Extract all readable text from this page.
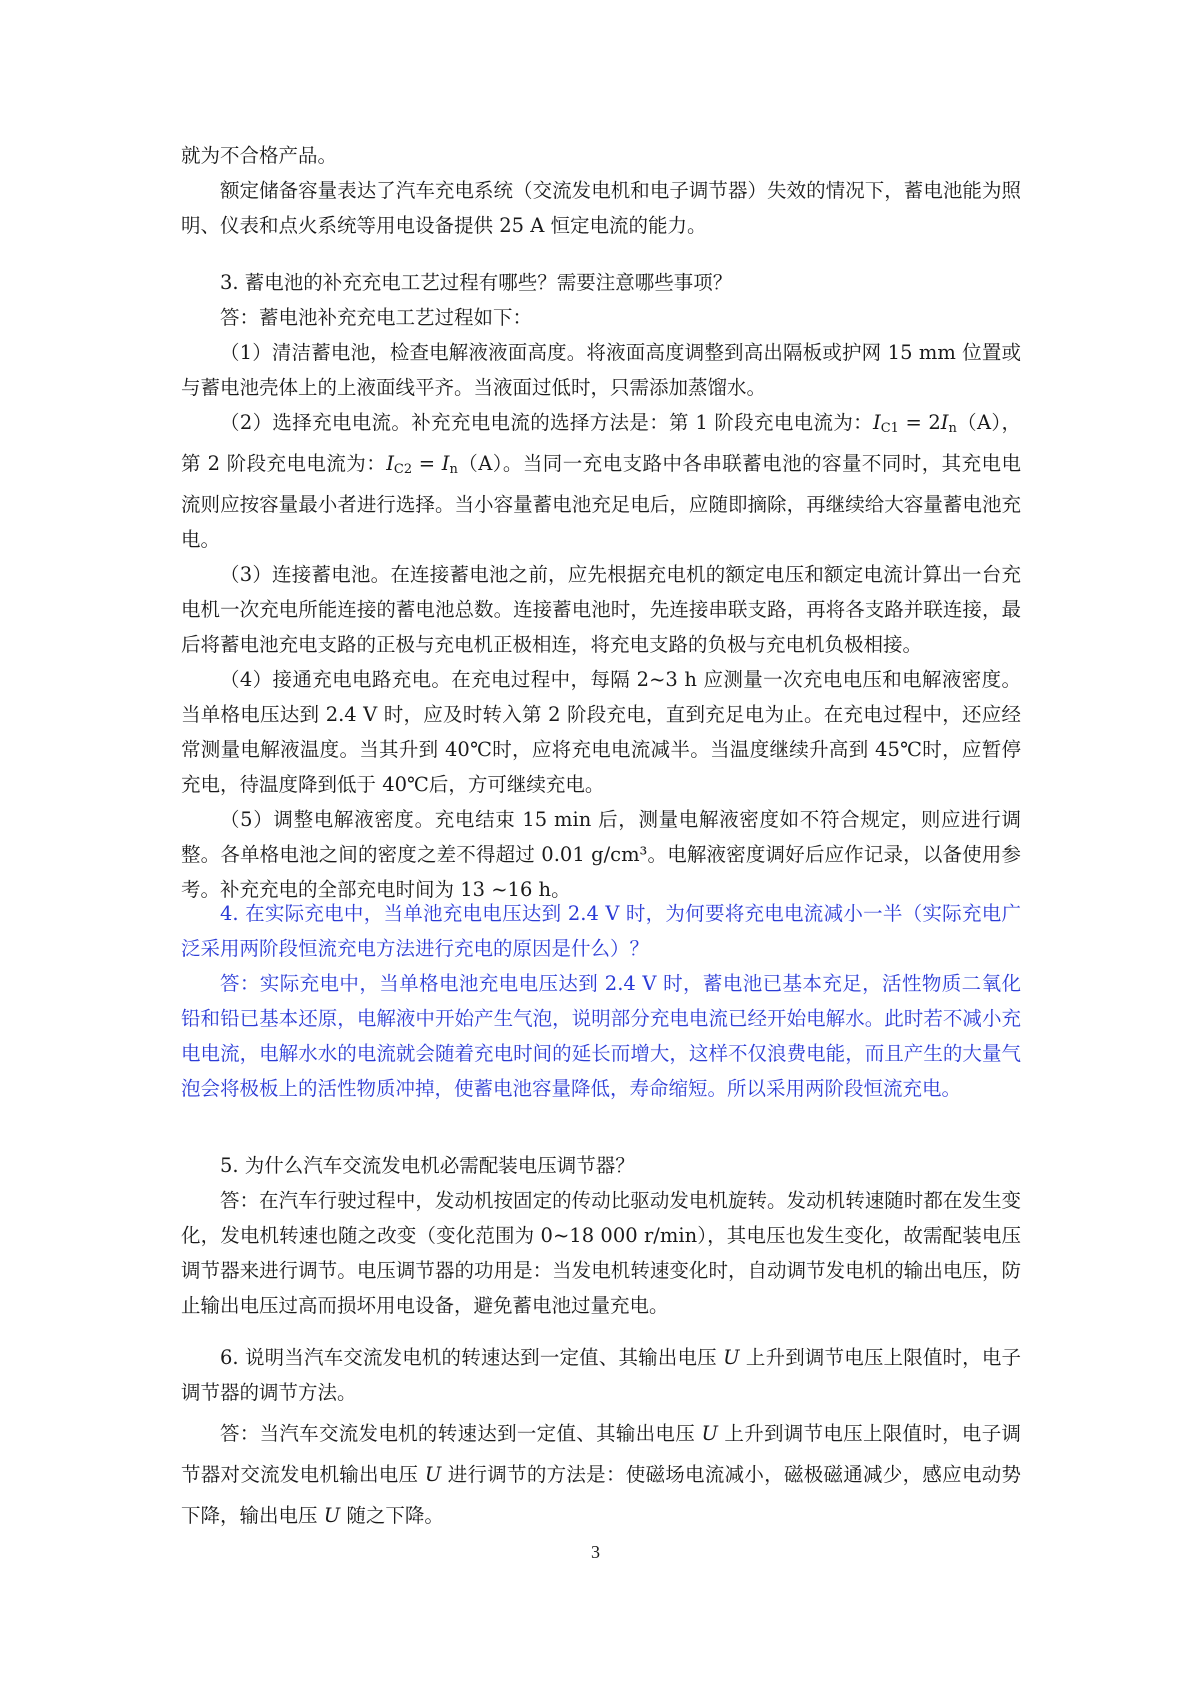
就为不合格产品。

额定储备容量表达了汽车充电系统（交流发电机和电子调节器）失效的情况下，蓄电池能为照明、仪表和点火系统等用电设备提供 25 A 恒定电流的能力。

3. 蓄电池的补充充电工艺过程有哪些？需要注意哪些事项？

答：蓄电池补充充电工艺过程如下：

（1）清洁蓄电池，检查电解液液面高度。将液面高度调整到高出隔板或护网 15 mm 位置或与蓄电池壳体上的上液面线平齐。当液面过低时，只需添加蒸馏水。

（2）选择充电电流。补充充电电流的选择方法是：第 1 阶段充电电流为：$I_{C1} = 2I_n(A)$，第 2 阶段充电电流为：$I_{C2} = I_n(A)$。当同一充电支路中各串联蓄电池的容量不同时，其充电电流则应按容量最小者进行选择。当小容量蓄电池充足电后，应随即摘除，再继续给大容量蓄电池充电。

（3）连接蓄电池。在连接蓄电池之前，应先根据充电机的额定电压和额定电流计算出一台充电机一次充电所能连接的蓄电池总数。连接蓄电池时，先连接串联支路，再将各支路并联连接，最后将蓄电池充电支路的正极与充电机正极相连，将充电支路的负极与充电机负极相接。

（4）接通充电电路充电。在充电过程中，每隔 2~3 h 应测量一次充电电压和电解液密度。当单格电压达到 2.4 V 时，应及时转入第 2 阶段充电，直到充足电为止。在充电过程中，还应经常测量电解液温度。当其升到 40℃时，应将充电电流减半。当温度继续升高到 45℃时，应暂停充电，待温度降到低于 40℃后，方可继续充电。

（5）调整电解液密度。充电结束 15 min 后，测量电解液密度如不符合规定，则应进行调整。各单格电池之间的密度之差不得超过 0.01 g/cm³。电解液密度调好后应作记录，以备使用参考。补充充电的全部充电时间为 13 ~16 h。

4. 在实际充电中，当单池充电电压达到 2.4 V 时，为何要将充电电流减小一半（实际充电广泛采用两阶段恒流充电方法进行充电的原因是什么）？

答：实际充电中，当单格电池充电电压达到 2.4 V 时，蓄电池已基本充足，活性物质二氧化铅和铅已基本还原，电解液中开始产生气泡，说明部分充电电流已经开始电解水。此时若不减小充电电流，电解水水的电流就会随着充电时间的延长而增大，这样不仅浪费电能，而且产生的大量气泡会将极板上的活性物质冲掉，使蓄电池容量降低，寿命缩短。所以采用两阶段恒流充电。

5. 为什么汽车交流发电机必需配装电压调节器？

答：在汽车行驶过程中，发动机按固定的传动比驱动发电机旋转。发动机转速随时都在发生变化，发电机转速也随之改变（变化范围为 0~18 000 r/min），其电压也发生变化，故需配装电压调节器来进行调节。电压调节器的功用是：当发电机转速变化时，自动调节发电机的输出电压，防止输出电压过高而损坏用电设备，避免蓄电池过量充电。

6. 说明当汽车交流发电机的转速达到一定值、其输出电压 U 上升到调节电压上限值时，电子调节器的调节方法。

答：当汽车交流发电机的转速达到一定值、其输出电压 U 上升到调节电压上限值时，电子调节器对交流发电机输出电压 U 进行调节的方法是：使磁场电流减小，磁极磁通减少，感应电动势下降，输出电压 U 随之下降。

3
